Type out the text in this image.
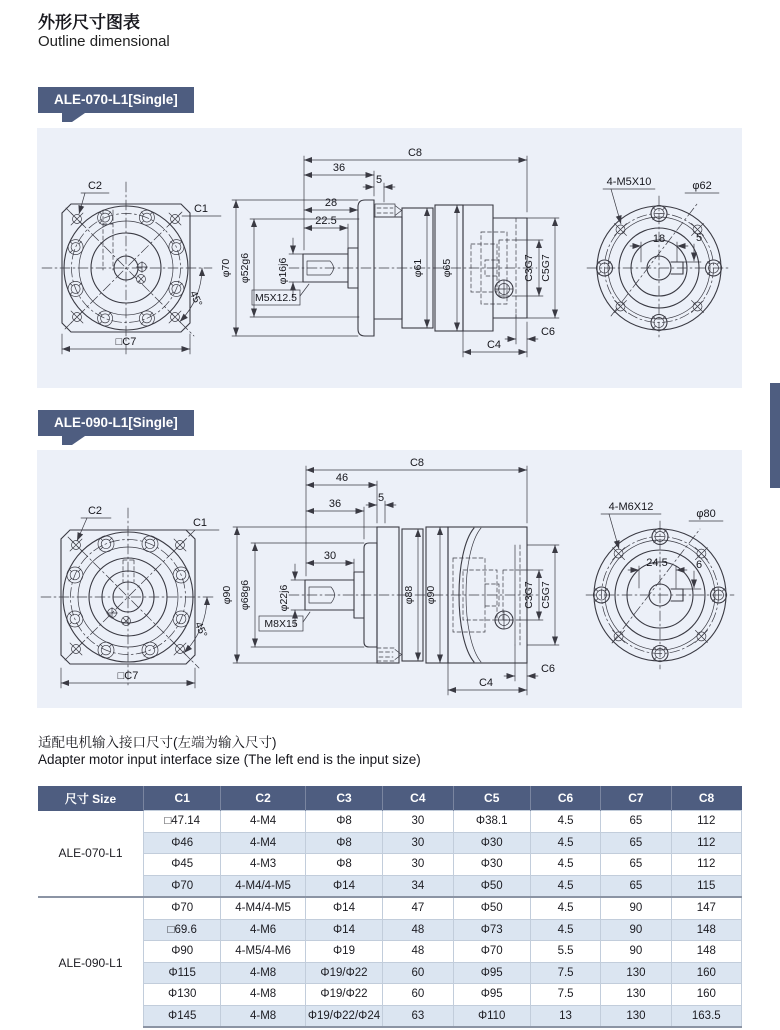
外形尺寸图表
Outline dimensional
ALE-070-L1[Single]
C2
C1
45°
□C7
C8
36
5
28
22.5
φ16j6
M5X12.5
φ52g6
φ70	φ61 φ65	C3G7 C5G7
C6
C4
4-M5X10	φ62
18	5
ALE-090-L1[Single]
C2
C1
45°
□C7
C8
46
5
36
30
φ22j6
M8X15
φ68g6
φ90	φ88 φ90	C3G7 C5G7
C6
C4
4-M6X12
φ80
24.5	6
适配电机输入接口尺寸(左端为输入尺寸)
Adapter motor input interface size (The left end is the input size)
尺寸 Size	C1	C2	C3	C4	C5	C6	C7	C8
ALE-070-L1	□47.14	4-M4	Φ8	30	Φ38.1	4.5	65	112
	Φ46	4-M4	Φ8	30	Φ30	4.5	65	112
	Φ45	4-M3	Φ8	30	Φ30	4.5	65	112
	Φ70	4-M4/4-M5	Φ14	34	Φ50	4.5	65	115
ALE-090-L1	Φ70	4-M4/4-M5	Φ14	47	Φ50	4.5	90	147
	□69.6	4-M6	Φ14	48	Φ73	4.5	90	148
	Φ90	4-M5/4-M6	Φ19	48	Φ70	5.5	90	148
	Φ115	4-M8	Φ19/Φ22	60	Φ95	7.5	130	160
	Φ130	4-M8	Φ19/Φ22	60	Φ95	7.5	130	160
	Φ145	4-M8	Φ19/Φ22/Φ24	63	Φ110	13	130	163.5
